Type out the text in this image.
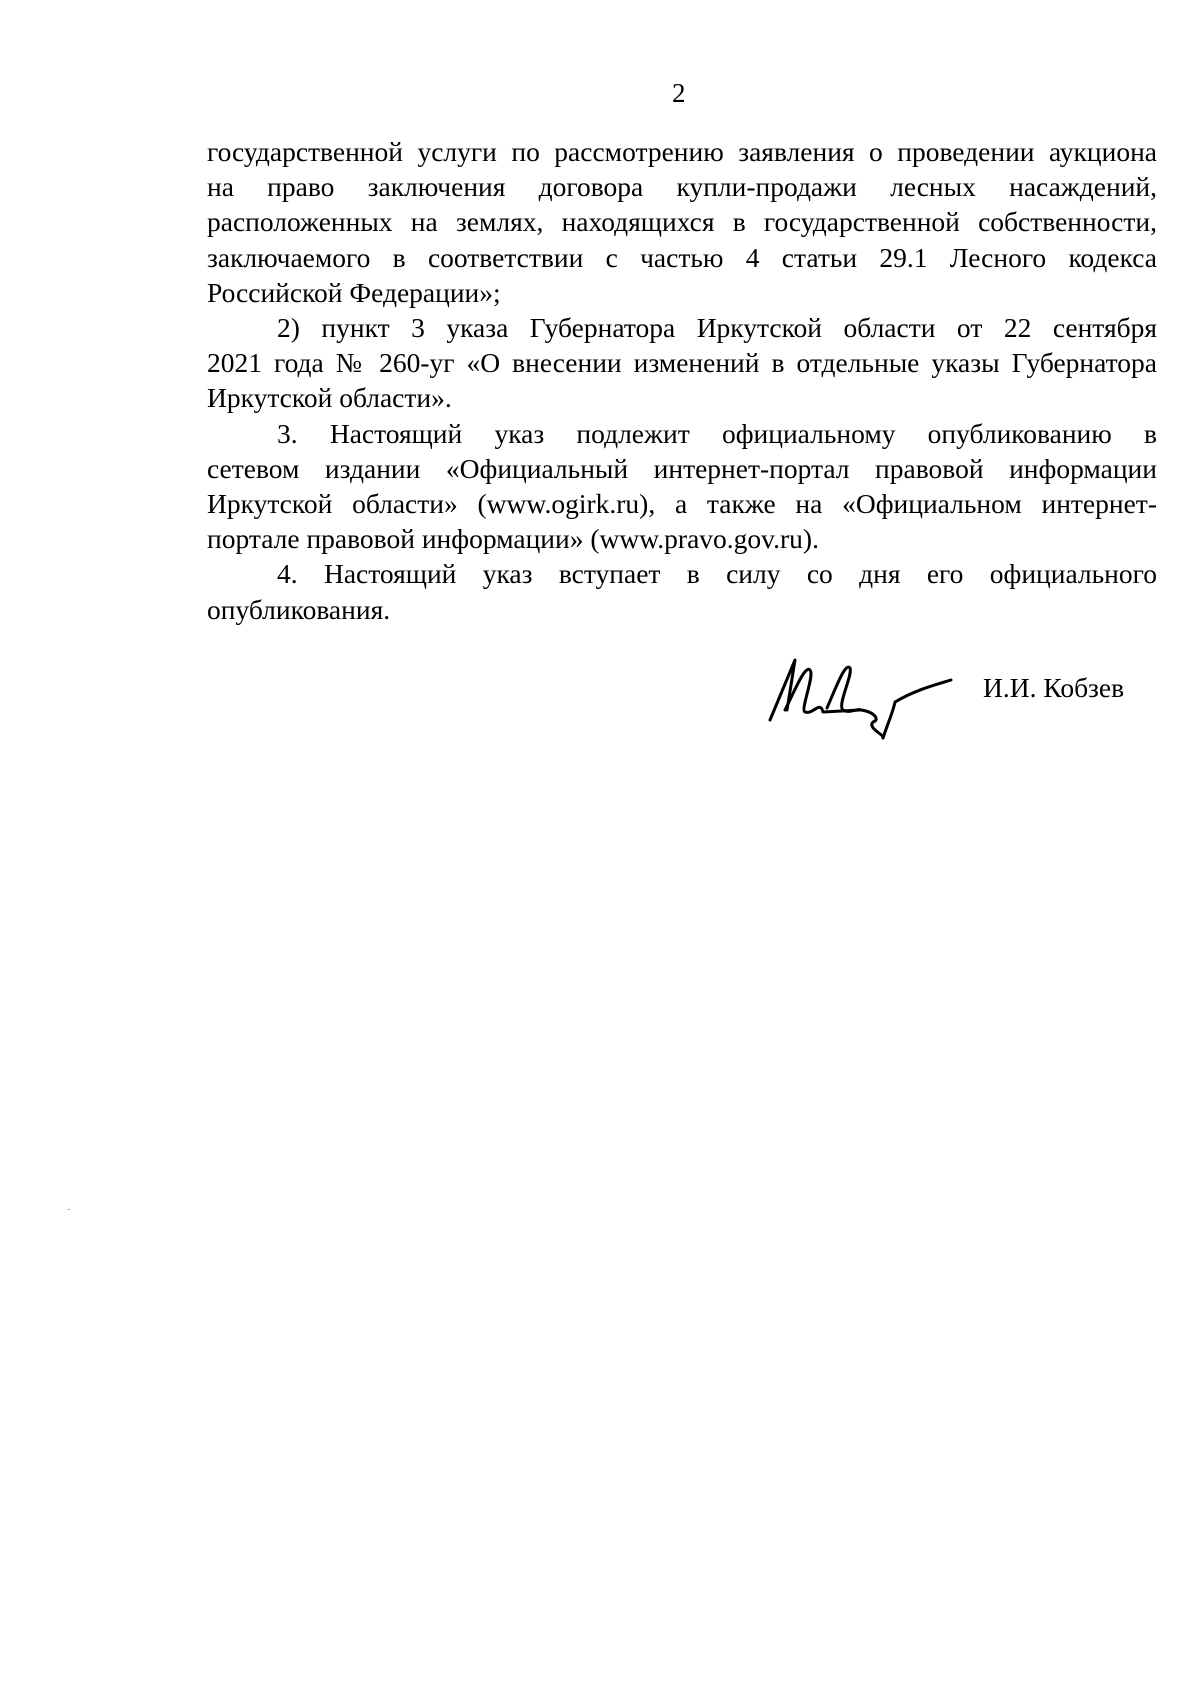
2
государственной услуги по рассмотрению заявления о проведении аукциона
на право заключения договора купли-продажи лесных насаждений,
расположенных на землях, находящихся в государственной собственности,
заключаемого в соответствии с частью 4 статьи 29.1 Лесного кодекса
Российской Федерации»;
2) пункт 3 указа Губернатора Иркутской области от 22 сентября
2021 года № 260-уг «О внесении изменений в отдельные указы Губернатора
Иркутской области».
3. Настоящий указ подлежит официальному опубликованию в
сетевом издании «Официальный интернет-портал правовой информации
Иркутской области» (www.ogirk.ru), а также на «Официальном интернет-
портале правовой информации» (www.pravo.gov.ru).
4. Настоящий указ вступает в силу со дня его официального
опубликования.
И.И. Кобзев
